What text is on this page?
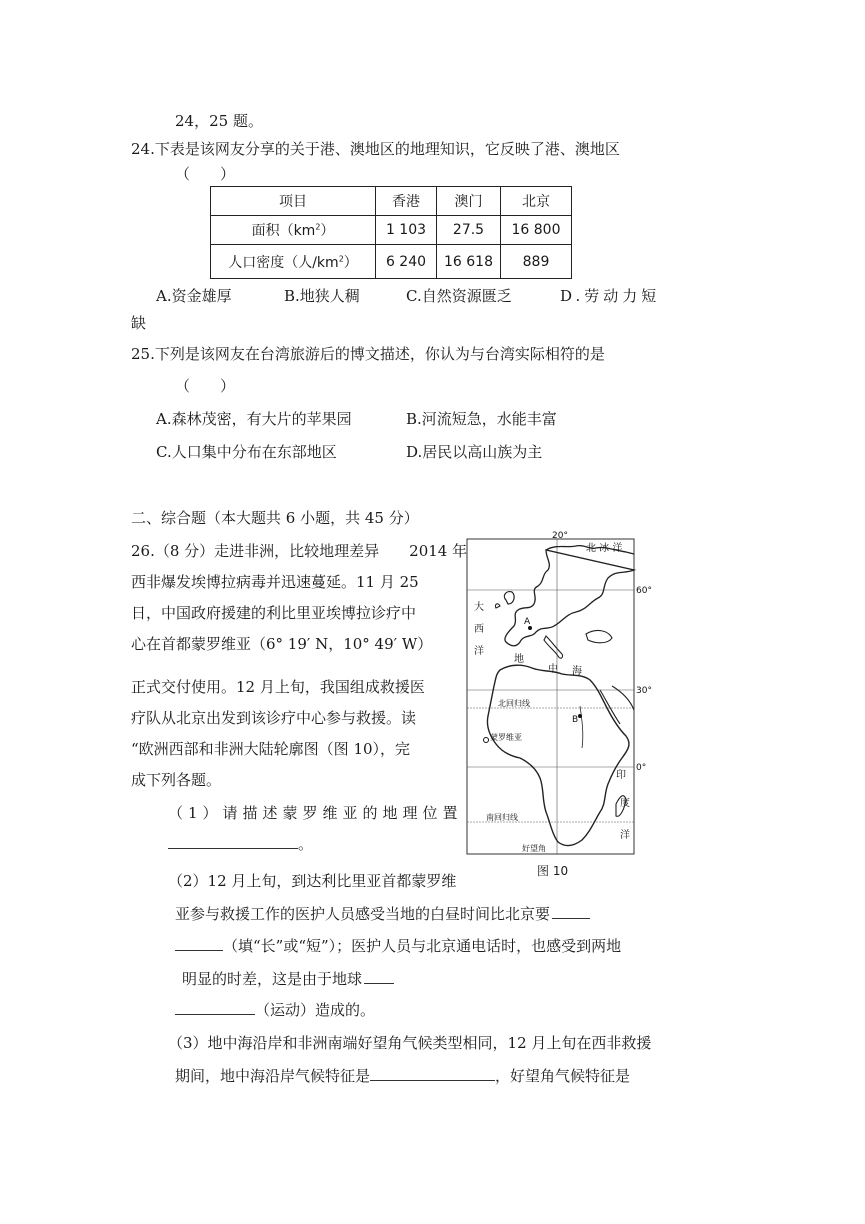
24，25 题。
24.下表是该网友分享的关于港、澳地区的地理知识，它反映了港、澳地区
（　　）
项目	香港	澳门	北京
面积$(km^2)$	1 103	27.5	16 800
人口密度（人$/km^2$）	6 240	16 618	889
A.资金雄厚	B.地狭人稠	C.自然资源匮乏	D.劳动力短
缺
25.下列是该网友在台湾旅游后的博文描述，你认为与台湾实际相符的是
（　　）
A.森林茂密，有大片的苹果园	B.河流短急，水能丰富
C.人口集中分布在东部地区	D.居民以高山族为主
二、综合题（本大题共 6 小题，共 45 分）
26.（8 分）走进非洲，比较地理差异　　2014 年
西非爆发埃博拉病毒并迅速蔓延。11 月 25
日，中国政府援建的利比里亚埃博拉诊疗中
心在首都蒙罗维亚（6° 19′ N，10° 49′ W）
正式交付使用。12 月上旬，我国组成救援医
疗队从北京出发到该诊疗中心参与救援。读
“欧洲西部和非洲大陆轮廓图（图 10），完
成下列各题。
（1）请描述蒙罗维亚的地理位置
。
（2）12 月上旬，到达利比里亚首都蒙罗维
亚参与救援工作的医护人员感受当地的白昼时间比北京要
（填“长”或“短”）；医护人员与北京通电话时，也感受到两地
明显的时差，这是由于地球
（运动）造成的。
（3）地中海沿岸和非洲南端好望角气候类型相同，12 月上旬在西非救援
期间，地中海沿岸气候特征是	，好望角气候特征是
20°
北 冰 洋
60°
30°
0°
大
西
洋
A
地
中 海
B
北回归线
蒙罗维亚
南回归线
印
度
洋
好望角
图 10
